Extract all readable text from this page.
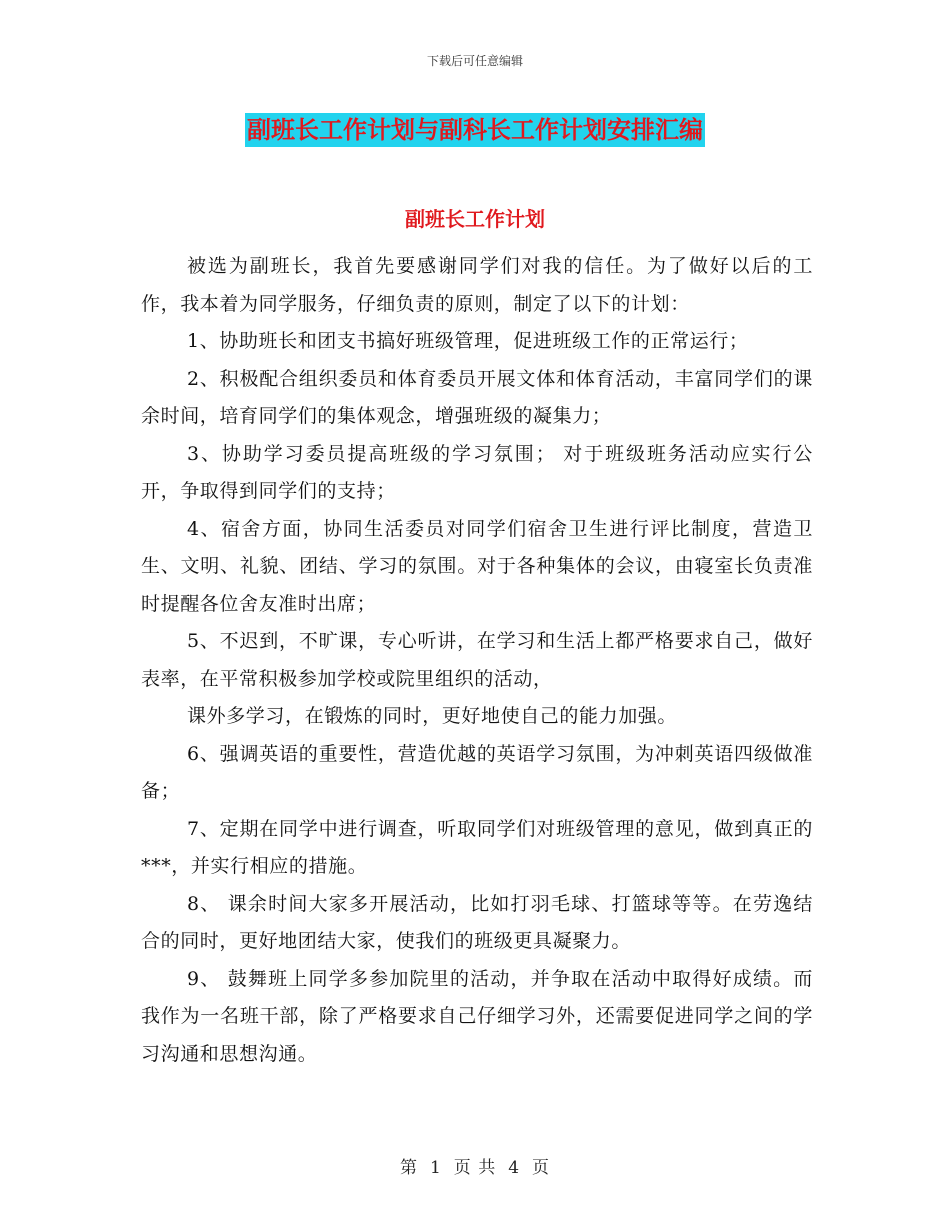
下载后可任意编辑
副班长工作计划与副科长工作计划安排汇编
副班长工作计划

被选为副班长，我首先要感谢同学们对我的信任。为了做好以后的工作，我本着为同学服务，仔细负责的原则，制定了以下的计划：

1、协助班长和团支书搞好班级管理，促进班级工作的正常运行；

2、积极配合组织委员和体育委员开展文体和体育活动，丰富同学们的课余时间，培育同学们的集体观念，增强班级的凝集力；

3、协助学习委员提高班级的学习氛围； 对于班级班务活动应实行公开，争取得到同学们的支持；

4、宿舍方面，协同生活委员对同学们宿舍卫生进行评比制度，营造卫生、文明、礼貌、团结、学习的氛围。对于各种集体的会议，由寝室长负责准时提醒各位舍友准时出席；

5、不迟到，不旷课，专心听讲，在学习和生活上都严格要求自己，做好表率，在平常积极参加学校或院里组织的活动，

课外多学习，在锻炼的同时，更好地使自己的能力加强。

6、强调英语的重要性，营造优越的英语学习氛围，为冲刺英语四级做准备；

7、定期在同学中进行调查，听取同学们对班级管理的意见，做到真正的***，并实行相应的措施。

8、 课余时间大家多开展活动，比如打羽毛球、打篮球等等。在劳逸结合的同时，更好地团结大家，使我们的班级更具凝聚力。

9、 鼓舞班上同学多参加院里的活动，并争取在活动中取得好成绩。而我作为一名班干部，除了严格要求自己仔细学习外，还需要促进同学之间的学习沟通和思想沟通。

第 1 页 共 4 页
